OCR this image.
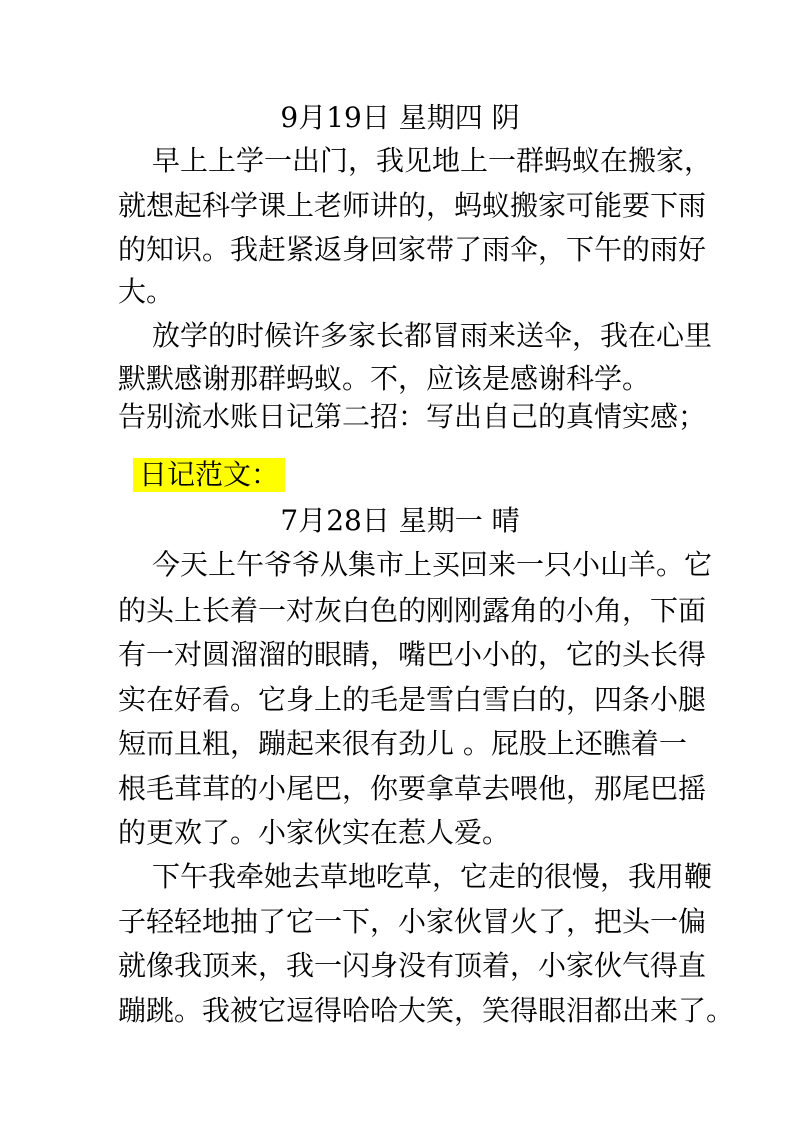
9月19日 星期四 阴
早上上学一出门，我见地上一群蚂蚁在搬家，
就想起科学课上老师讲的，蚂蚁搬家可能要下雨
的知识。我赶紧返身回家带了雨伞，下午的雨好
大。
放学的时候许多家长都冒雨来送伞，我在心里
默默感谢那群蚂蚁。不，应该是感谢科学。
告别流水账日记第二招：写出自己的真情实感；
日记范文：
7月28日 星期一 晴
今天上午爷爷从集市上买回来一只小山羊。它
的头上长着一对灰白色的刚刚露角的小角，下面
有一对圆溜溜的眼睛，嘴巴小小的，它的头长得
实在好看。它身上的毛是雪白雪白的，四条小腿
短而且粗，蹦起来很有劲儿 。屁股上还瞧着一
根毛茸茸的小尾巴，你要拿草去喂他，那尾巴摇
的更欢了。小家伙实在惹人爱。
下午我牵她去草地吃草，它走的很慢，我用鞭
子轻轻地抽了它一下，小家伙冒火了，把头一偏
就像我顶来，我一闪身没有顶着，小家伙气得直
蹦跳。我被它逗得哈哈大笑，笑得眼泪都出来了。
